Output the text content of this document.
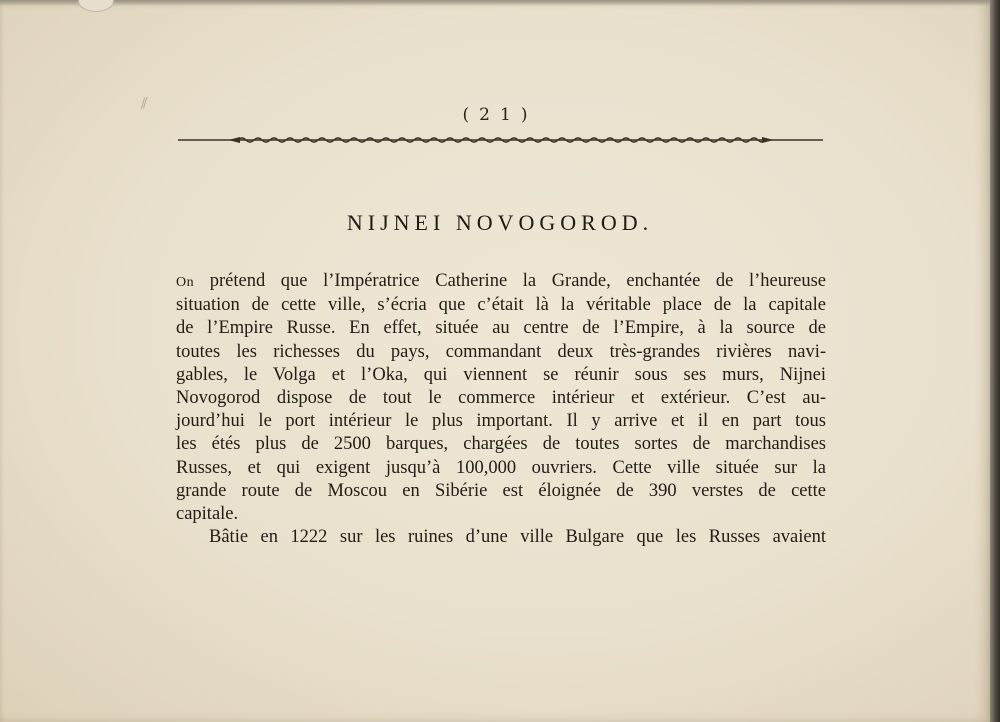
⁄⁄
(21)
NIJNEI NOVOGOROD.
On prétend que l’Impératrice Catherine la Grande, enchantée de l’heureuse
situation de cette ville, s’écria que c’était là la véritable place de la capitale
de l’Empire Russe. En effet, située au centre de l’Empire, à la source de
toutes les richesses du pays, commandant deux très-grandes rivières navi-
gables, le Volga et l’Oka, qui viennent se réunir sous ses murs, Nijnei
Novogorod dispose de tout le commerce intérieur et extérieur. C’est au-
jourd’hui le port intérieur le plus important. Il y arrive et il en part tous
les étés plus de 2500 barques, chargées de toutes sortes de marchandises
Russes, et qui exigent jusqu’à 100,000 ouvriers. Cette ville située sur la
grande route de Moscou en Sibérie est éloignée de 390 verstes de cette
capitale.
Bâtie en 1222 sur les ruines d’une ville Bulgare que les Russes avaient
